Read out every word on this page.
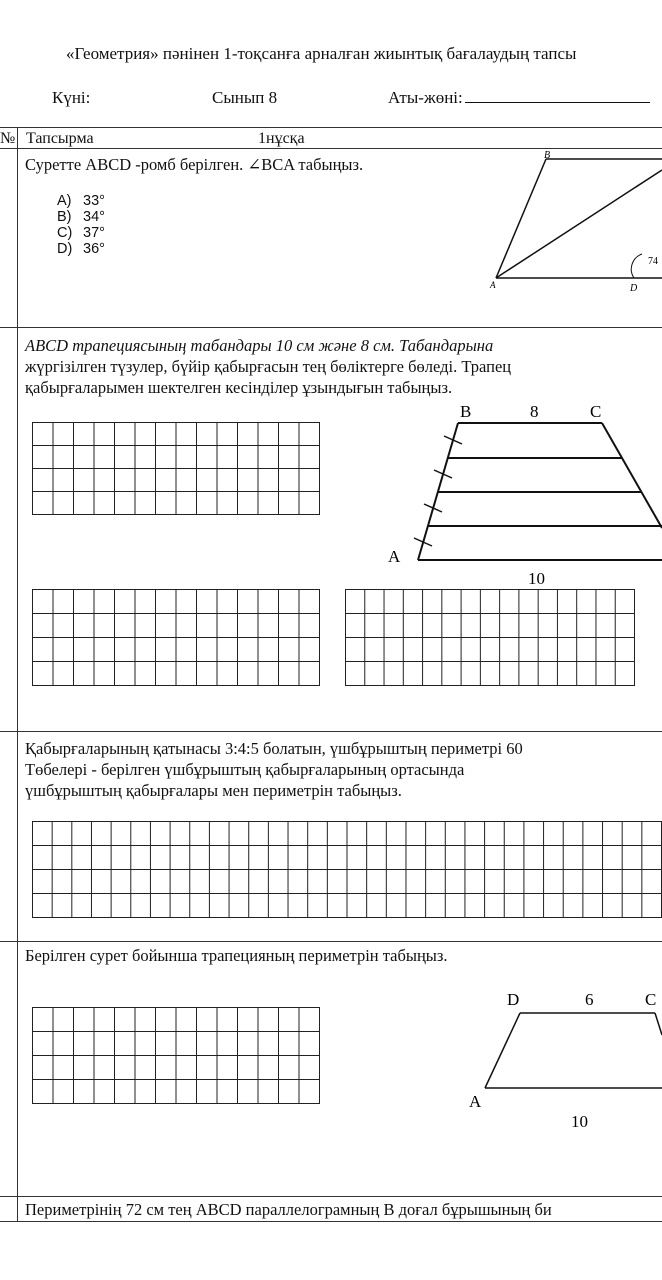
«Геометрия» пәнінен 1-тоқсанға арналған жиынтық бағалаудың тапсы
Күні:	Сынып 8	Аты-жөні:
№ Тапсырма	1нұсқа
Суретте ABCD -ромб берілген. ∠BCA табыңыз.
A) 33°
B) 34°
C) 37°
D) 36°
B
A	D
74
ABCD трапециясының табандары 10 см және 8 см. Табандарына
жүргізілген түзулер, бүйір қабырғасын тең бөліктерге бөледі. Трапец
қабырғаларымен шектелген кесінділер ұзындығын табыңыз.
B	8	C
A
10
Қабырғаларының қатынасы 3:4:5 болатын, үшбұрыштың периметрі 60
Төбелері - берілген үшбұрыштың қабырғаларының ортасында
үшбұрыштың қабырғалары мен периметрін табыңыз.
Берілген сурет бойынша трапецияның периметрін табыңыз.
D	6	C
A
10
Периметрінің 72 см тең ABCD параллелограмның B доғал бұрышының би
